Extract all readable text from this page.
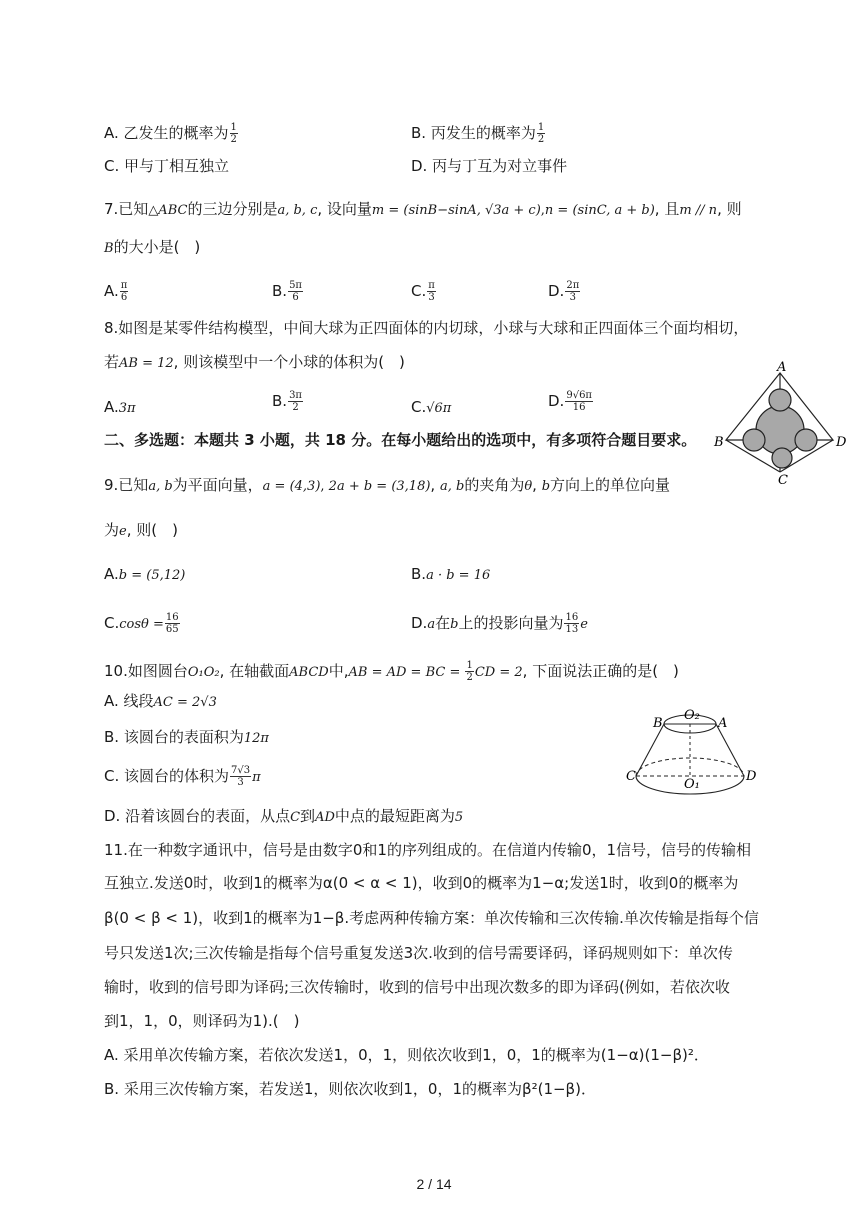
A. 乙发生的概率为 $\frac{1}{2}$	B. 丙发生的概率为 $\frac{1}{2}$
C. 甲与丁相互独立	D. 丙与丁互为对立事件
7.已知△ABC的三边分别是a, b, c, 设向量m = (sinB−sinA, √3a + c),n = (sinC, a + b), 且m // n, 则
B的大小是(　)
A. $\frac{\pi}{6}$	B. $\frac{5\pi}{6}$	C. $\frac{\pi}{3}$	D. $\frac{2\pi}{3}$
8.如图是某零件结构模型，中间大球为正四面体的内切球，小球与大球和正四面体三个面均相切，
若AB = 12, 则该模型中一个小球的体积为(　)
A.3π	B. $\frac{3\pi}{2}$	C.√6π	D. $\frac{9√6\pi}{16}$
A
B	D
C
二、多选题：本题共 3 小题，共 18 分。在每小题给出的选项中，有多项符合题目要求。
9.已知a, b为平面向量，a = (4,3), 2a + b = (3,18), a, b的夹角为θ, b方向上的单位向量
为e, 则(　)
A.b = (5,12)	B.a · b = 16
$C.\cos\theta = \frac{16}{65}$	D.a在b上的投影向量为 $\frac{16}{13}$ e
10.如图圆台O₁O₂, 在轴截面ABCD中,AB = AD = BC = $\frac{1}{2}$ CD = 2, 下面说法正确的是(　)
A. 线段AC = 2√3
B. 该圆台的表面积为12π
C. 该圆台的体积为 $\frac{7√3}{3}$ π
D. 沿着该圆台的表面，从点C到AD中点的最短距离为5
B	A
C	D
O₂
O₁
11.在一种数字通讯中，信号是由数字0和1的序列组成的。在信道内传输0，1信号，信号的传输相
互独立.发送0时，收到1的概率为α(0 < α < 1)，收到0的概率为1−α;发送1时，收到0的概率为
β(0 < β < 1)，收到1的概率为1−β.考虑两种传输方案：单次传输和三次传输.单次传输是指每个信
号只发送1次;三次传输是指每个信号重复发送3次.收到的信号需要译码，译码规则如下：单次传
输时，收到的信号即为译码;三次传输时，收到的信号中出现次数多的即为译码(例如，若依次收
到1，1，0，则译码为1).(　)
A. 采用单次传输方案，若依次发送1，0，1，则依次收到1，0，1的概率为(1−α)(1−β)²．
B. 采用三次传输方案，若发送1，则依次收到1，0，1的概率为β²(1−β)．
2 / 14
